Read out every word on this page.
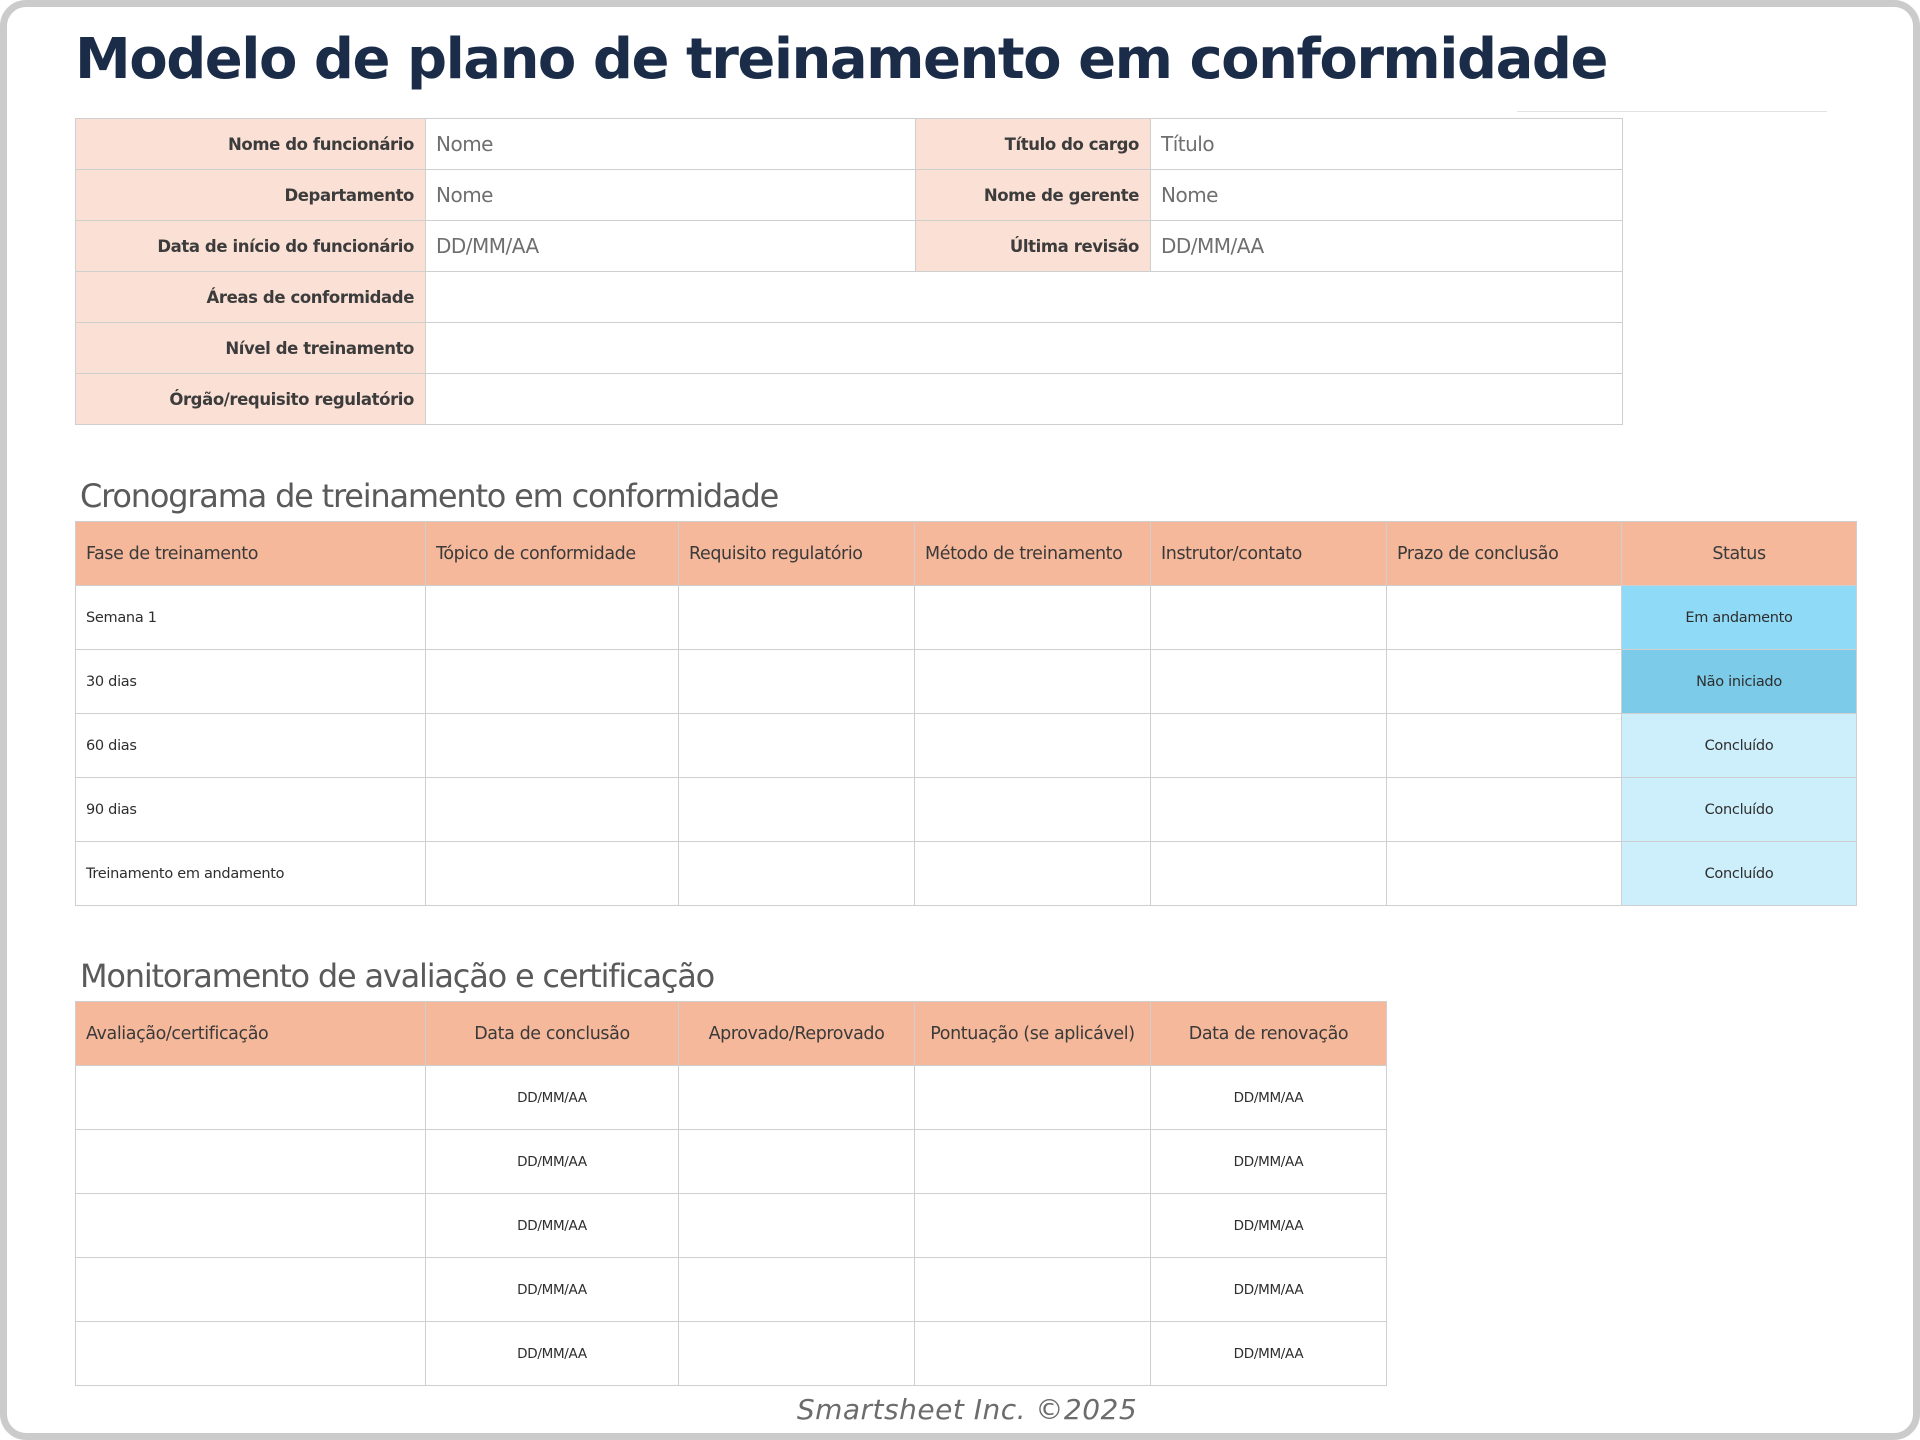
Modelo de plano de treinamento em conformidade
Nome do funcionário	Nome	Título do cargo	Título
Departamento	Nome	Nome de gerente	Nome
Data de início do funcionário	DD/MM/AA	Última revisão	DD/MM/AA
Áreas de conformidade			
Nível de treinamento			
Órgão/requisito regulatório			
Cronograma de treinamento em conformidade
Fase de treinamento	Tópico de conformidade	Requisito regulatório	Método de treinamento	Instrutor/contato	Prazo de conclusão	Status
Semana 1						Em andamento
30 dias						Não iniciado
60 dias						Concluído
90 dias						Concluído
Treinamento em andamento						Concluído
Monitoramento de avaliação e certificação
Avaliação/certificação	Data de conclusão	Aprovado/Reprovado	Pontuação (se aplicável)	Data de renovação
	DD/MM/AA			DD/MM/AA
	DD/MM/AA			DD/MM/AA
	DD/MM/AA			DD/MM/AA
	DD/MM/AA			DD/MM/AA
	DD/MM/AA			DD/MM/AA
Smartsheet Inc. ©2025
